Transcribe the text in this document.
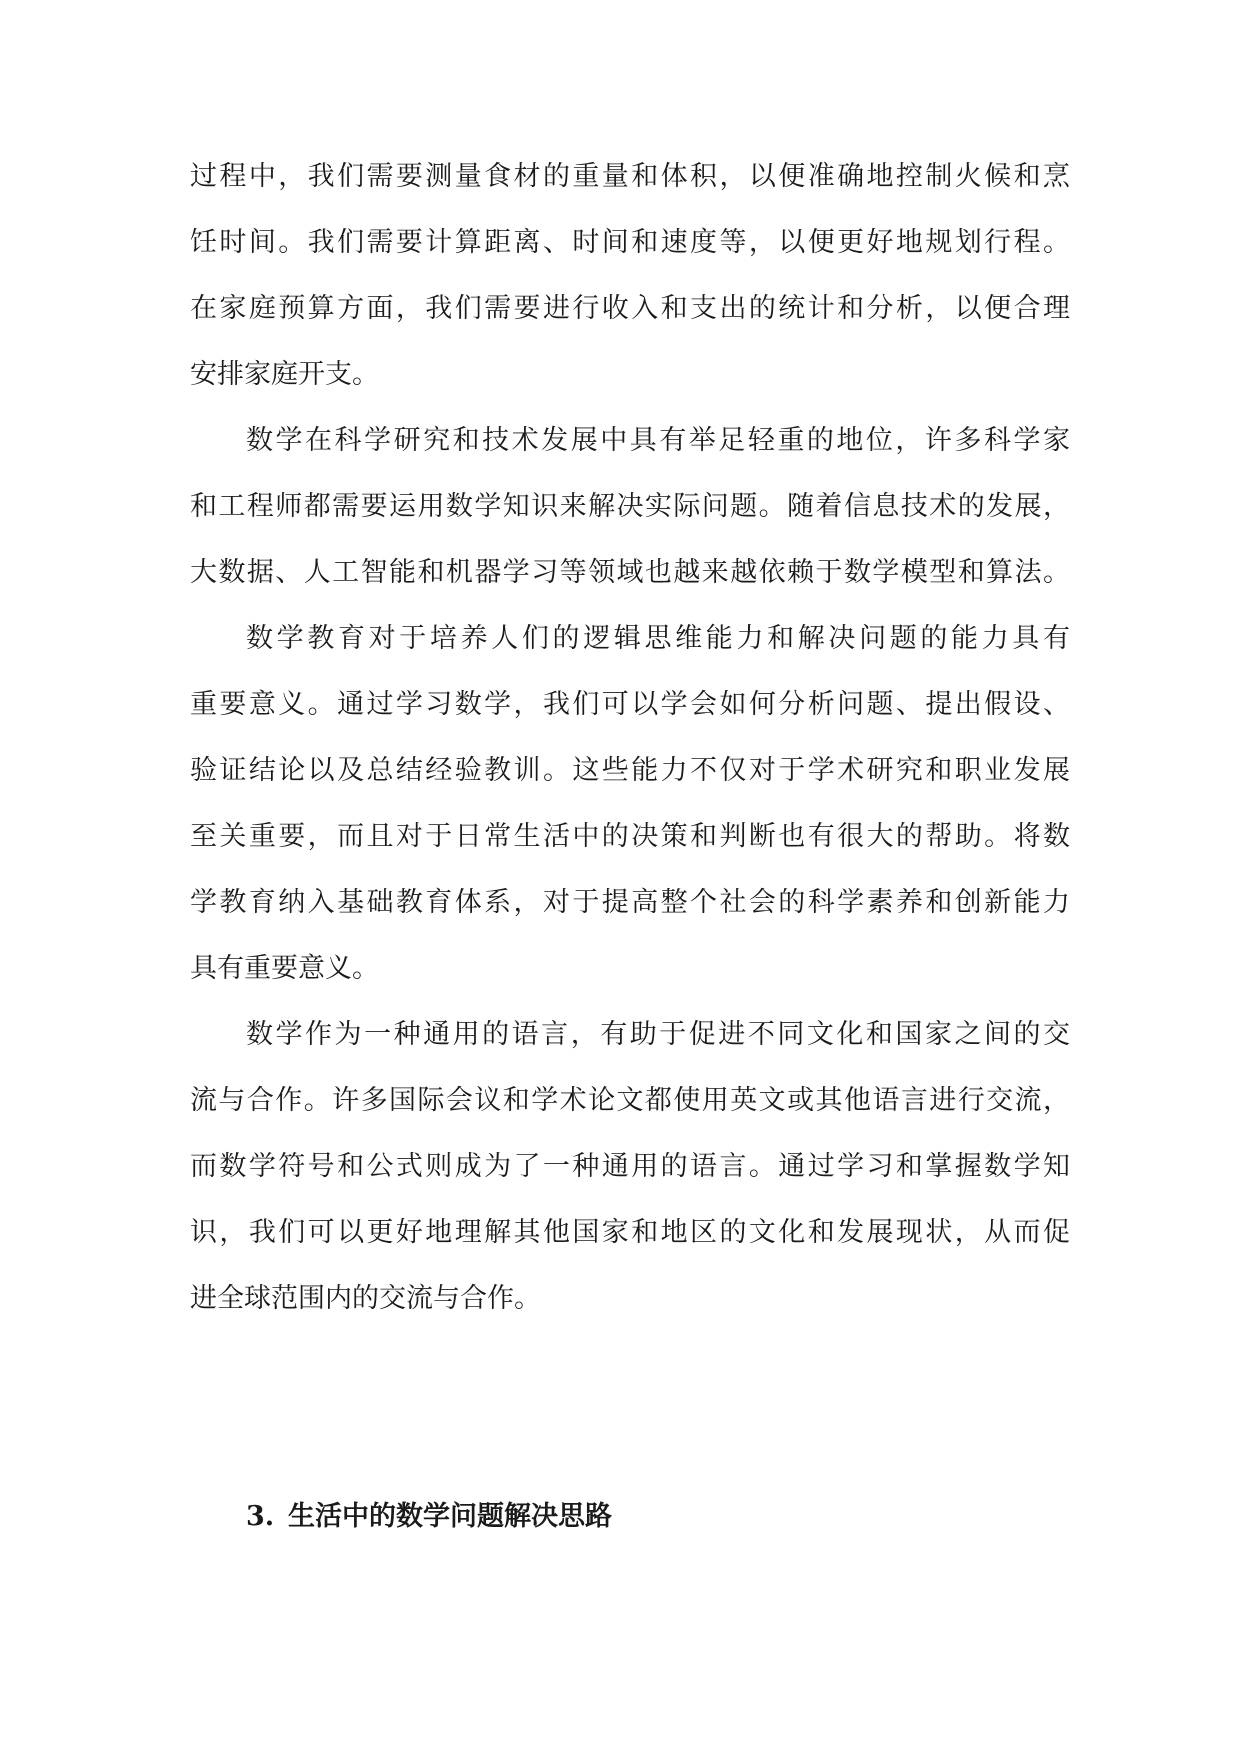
过程中，我们需要测量食材的重量和体积，以便准确地控制火候和烹
饪时间。我们需要计算距离、时间和速度等，以便更好地规划行程。
在家庭预算方面，我们需要进行收入和支出的统计和分析，以便合理
安排家庭开支。
数学在科学研究和技术发展中具有举足轻重的地位，许多科学家
和工程师都需要运用数学知识来解决实际问题。随着信息技术的发展，
大数据、人工智能和机器学习等领域也越来越依赖于数学模型和算法。
数学教育对于培养人们的逻辑思维能力和解决问题的能力具有
重要意义。通过学习数学，我们可以学会如何分析问题、提出假设、
验证结论以及总结经验教训。这些能力不仅对于学术研究和职业发展
至关重要，而且对于日常生活中的决策和判断也有很大的帮助。将数
学教育纳入基础教育体系，对于提高整个社会的科学素养和创新能力
具有重要意义。
数学作为一种通用的语言，有助于促进不同文化和国家之间的交
流与合作。许多国际会议和学术论文都使用英文或其他语言进行交流，
而数学符号和公式则成为了一种通用的语言。通过学习和掌握数学知
识，我们可以更好地理解其他国家和地区的文化和发展现状，从而促
进全球范围内的交流与合作。
3. 生活中的数学问题解决思路
